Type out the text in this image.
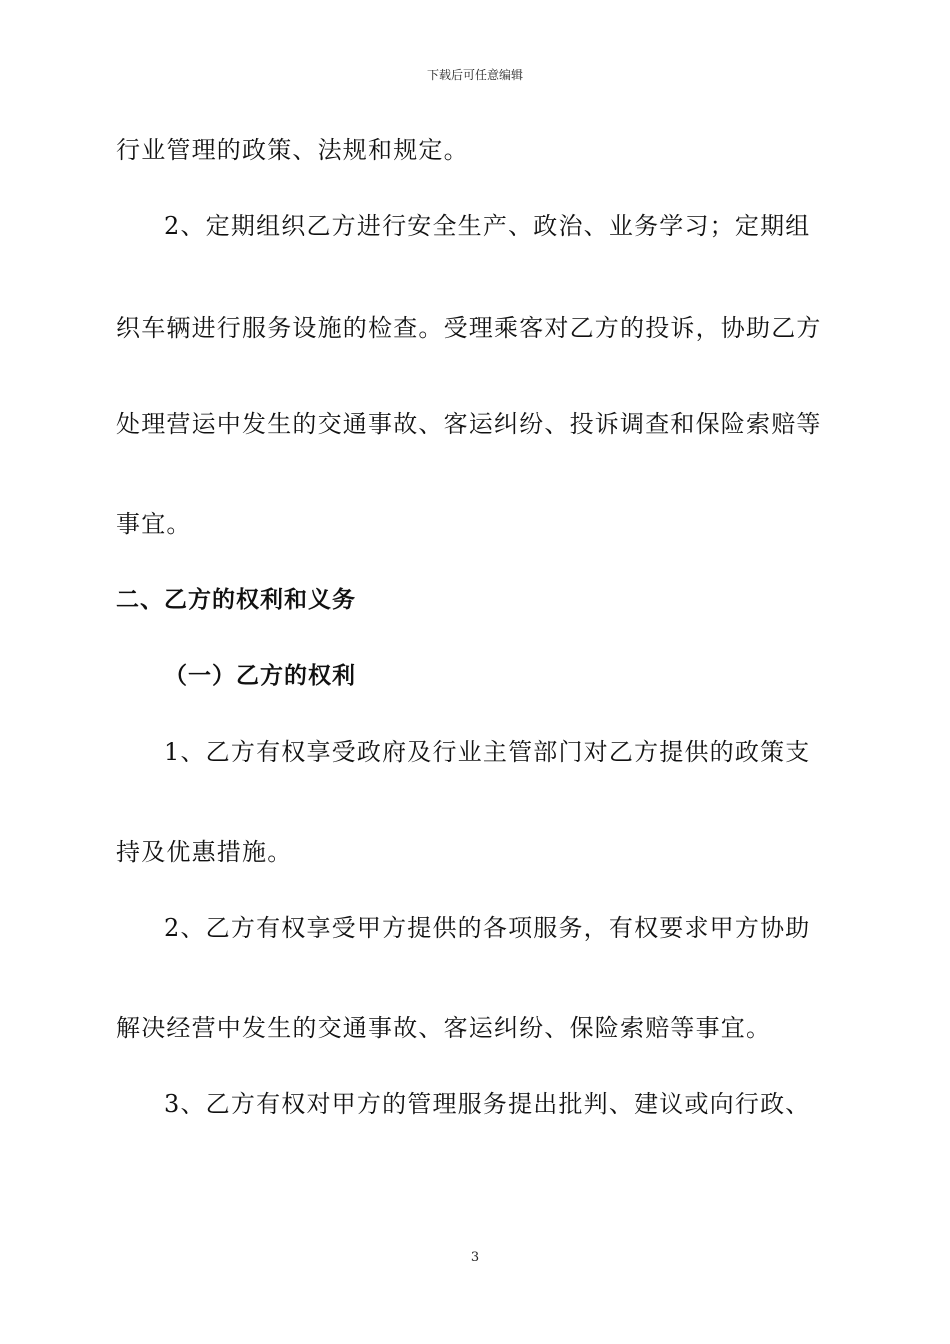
下载后可任意编辑
行业管理的政策、法规和规定。
2、定期组织乙方进行安全生产、政治、业务学习；定期组
织车辆进行服务设施的检查。受理乘客对乙方的投诉，协助乙方
处理营运中发生的交通事故、客运纠纷、投诉调查和保险索赔等
事宜。
二、乙方的权利和义务
（一）乙方的权利
1、乙方有权享受政府及行业主管部门对乙方提供的政策支
持及优惠措施。
2、乙方有权享受甲方提供的各项服务，有权要求甲方协助
解决经营中发生的交通事故、客运纠纷、保险索赔等事宜。
3、乙方有权对甲方的管理服务提出批判、建议或向行政、
3
